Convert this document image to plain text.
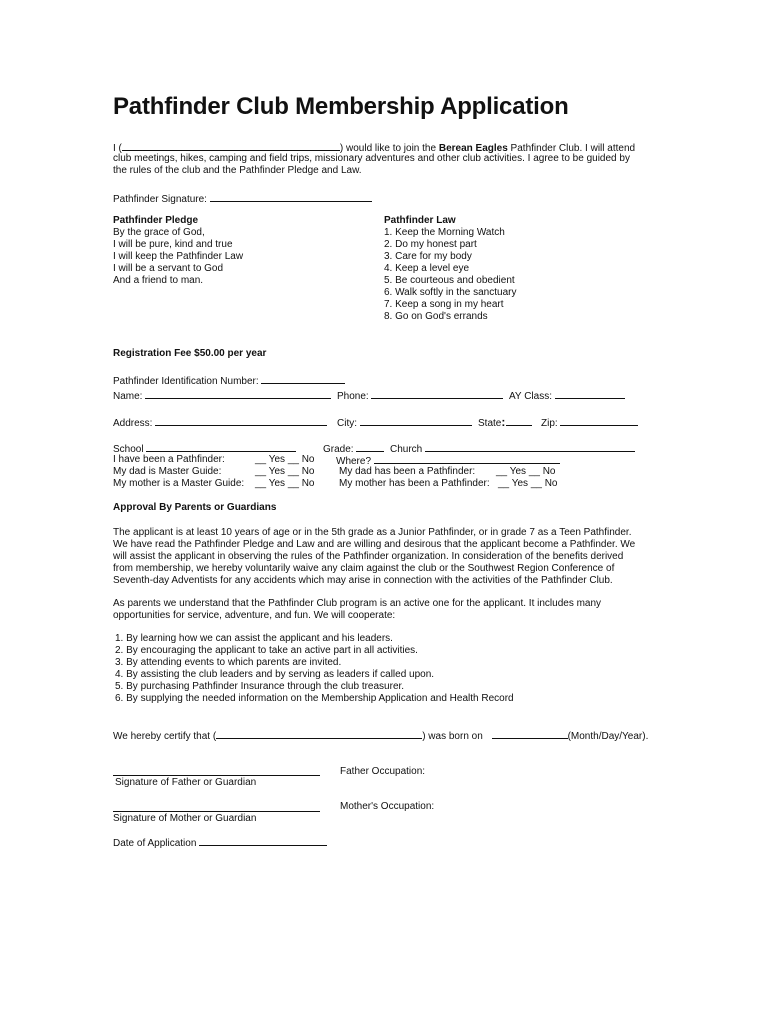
Pathfinder Club Membership Application
I (	) would like to join the Berean Eagles Pathfinder Club. I will attend
club meetings, hikes, camping and field trips, missionary adventures and other club activities. I agree to be guided by
the rules of the club and the Pathfinder Pledge and Law.
Pathfinder Signature:
Pathfinder Pledge
By the grace of God,
I will be pure, kind and true
I will keep the Pathfinder Law
I will be a servant to God
And a friend to man.
Pathfinder Law
1. Keep the Morning Watch
2. Do my honest part
3. Care for my body
4. Keep a level eye
5. Be courteous and obedient
6. Walk softly in the sanctuary
7. Keep a song in my heart
8. Go on God's errands
Registration Fee $50.00 per year
Pathfinder Identification Number:
Name:	Phone:	AY Class:
Address:	City:	State:	Zip:
School	Grade:	Church
I have been a Pathfinder:	__ Yes __ No Where?
My dad is Master Guide:	__ Yes __ No My dad has been a Pathfinder: __ Yes __ No
My mother is a Master Guide: __ Yes __ No My mother has been a Pathfinder: __ Yes __ No
Approval By Parents or Guardians
The applicant is at least 10 years of age or in the 5th grade as a Junior Pathfinder, or in grade 7 as a Teen Pathfinder.
We have read the Pathfinder Pledge and Law and are willing and desirous that the applicant become a Pathfinder. We
will assist the applicant in observing the rules of the Pathfinder organization. In consideration of the benefits derived
from membership, we hereby voluntarily waive any claim against the club or the Southwest Region Conference of
Seventh-day Adventists for any accidents which may arise in connection with the activities of the Pathfinder Club.
As parents we understand that the Pathfinder Club program is an active one for the applicant. It includes many
opportunities for service, adventure, and fun. We will cooperate:
1. By learning how we can assist the applicant and his leaders.
2. By encouraging the applicant to take an active part in all activities.
3. By attending events to which parents are invited.
4. By assisting the club leaders and by serving as leaders if called upon.
5. By purchasing Pathfinder Insurance through the club treasurer.
6. By supplying the needed information on the Membership Application and Health Record
We hereby certify that (	) was born on	(Month/Day/Year).
Signature of Father or Guardian
Father Occupation:
Signature of Mother or Guardian
Mother's Occupation:
Date of Application
